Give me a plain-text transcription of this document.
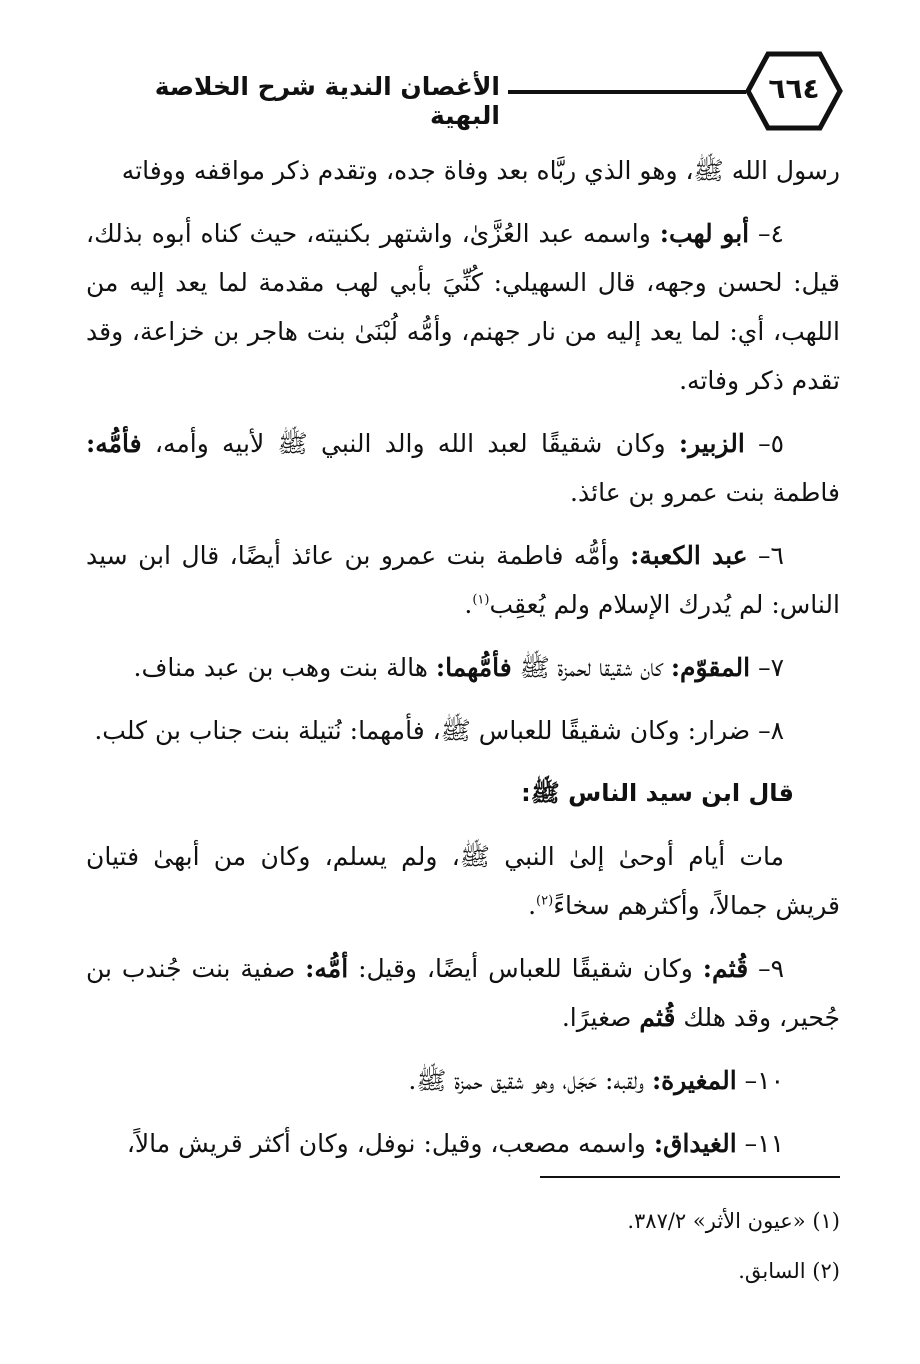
٦٦٤
الأغصان الندية شرح الخلاصة البهية

رسول الله ﷺ، وهو الذي ربَّاه بعد وفاة جده، وتقدم ذكر مواقفه ووفاته

٤– أبو لهب: واسمه عبد العُزَّىٰ، واشتهر بكنيته، حيث كناه أبوه بذلك، قيل: لحسن وجهه، قال السهيلي: كُنِّيَ بأبي لهب مقدمة لما يعد إليه من اللهب، أي: لما يعد إليه من نار جهنم، وأمُّه لُبْنَىٰ بنت هاجر بن خزاعة، وقد تقدم ذكر وفاته.

٥– الزبير: وكان شقيقًا لعبد الله والد النبي ﷺ لأبيه وأمه، فأمُّه: فاطمة بنت عمرو بن عائذ.

٦– عبد الكعبة: وأمُّه فاطمة بنت عمرو بن عائذ أيضًا، قال ابن سيد الناس: لم يُدرك الإسلام ولم يُعقِب$^{(١)}$.

٧– المقوّم: كان شقيقا لحمزة ﷺ فأمُّهما: هالة بنت وهب بن عبد مناف.

٨– ضرار: وكان شقيقًا للعباس ﷺ، فأمهما: نُتيلة بنت جناب بن كلب.

قال ابن سيد الناس ﷺ:

مات أيام أوحىٰ إلىٰ النبي ﷺ، ولم يسلم، وكان من أبهىٰ فتيان قريش جمالاً، وأكثرهم سخاءً$^{(٢)}$.

٩– قُثم: وكان شقيقًا للعباس أيضًا، وقيل: أمُّه: صفية بنت جُندب بن جُحير، وقد هلك قُثم صغيرًا.

١٠– المغيرة: ولقبه: حَجَل، وهو شقيق حمزة ﷺ.

١١– الغيداق: واسمه مصعب، وقيل: نوفل، وكان أكثر قريش مالاً،

(١) «عيون الأثر» ٣٨٧/٢.

(٢) السابق.
